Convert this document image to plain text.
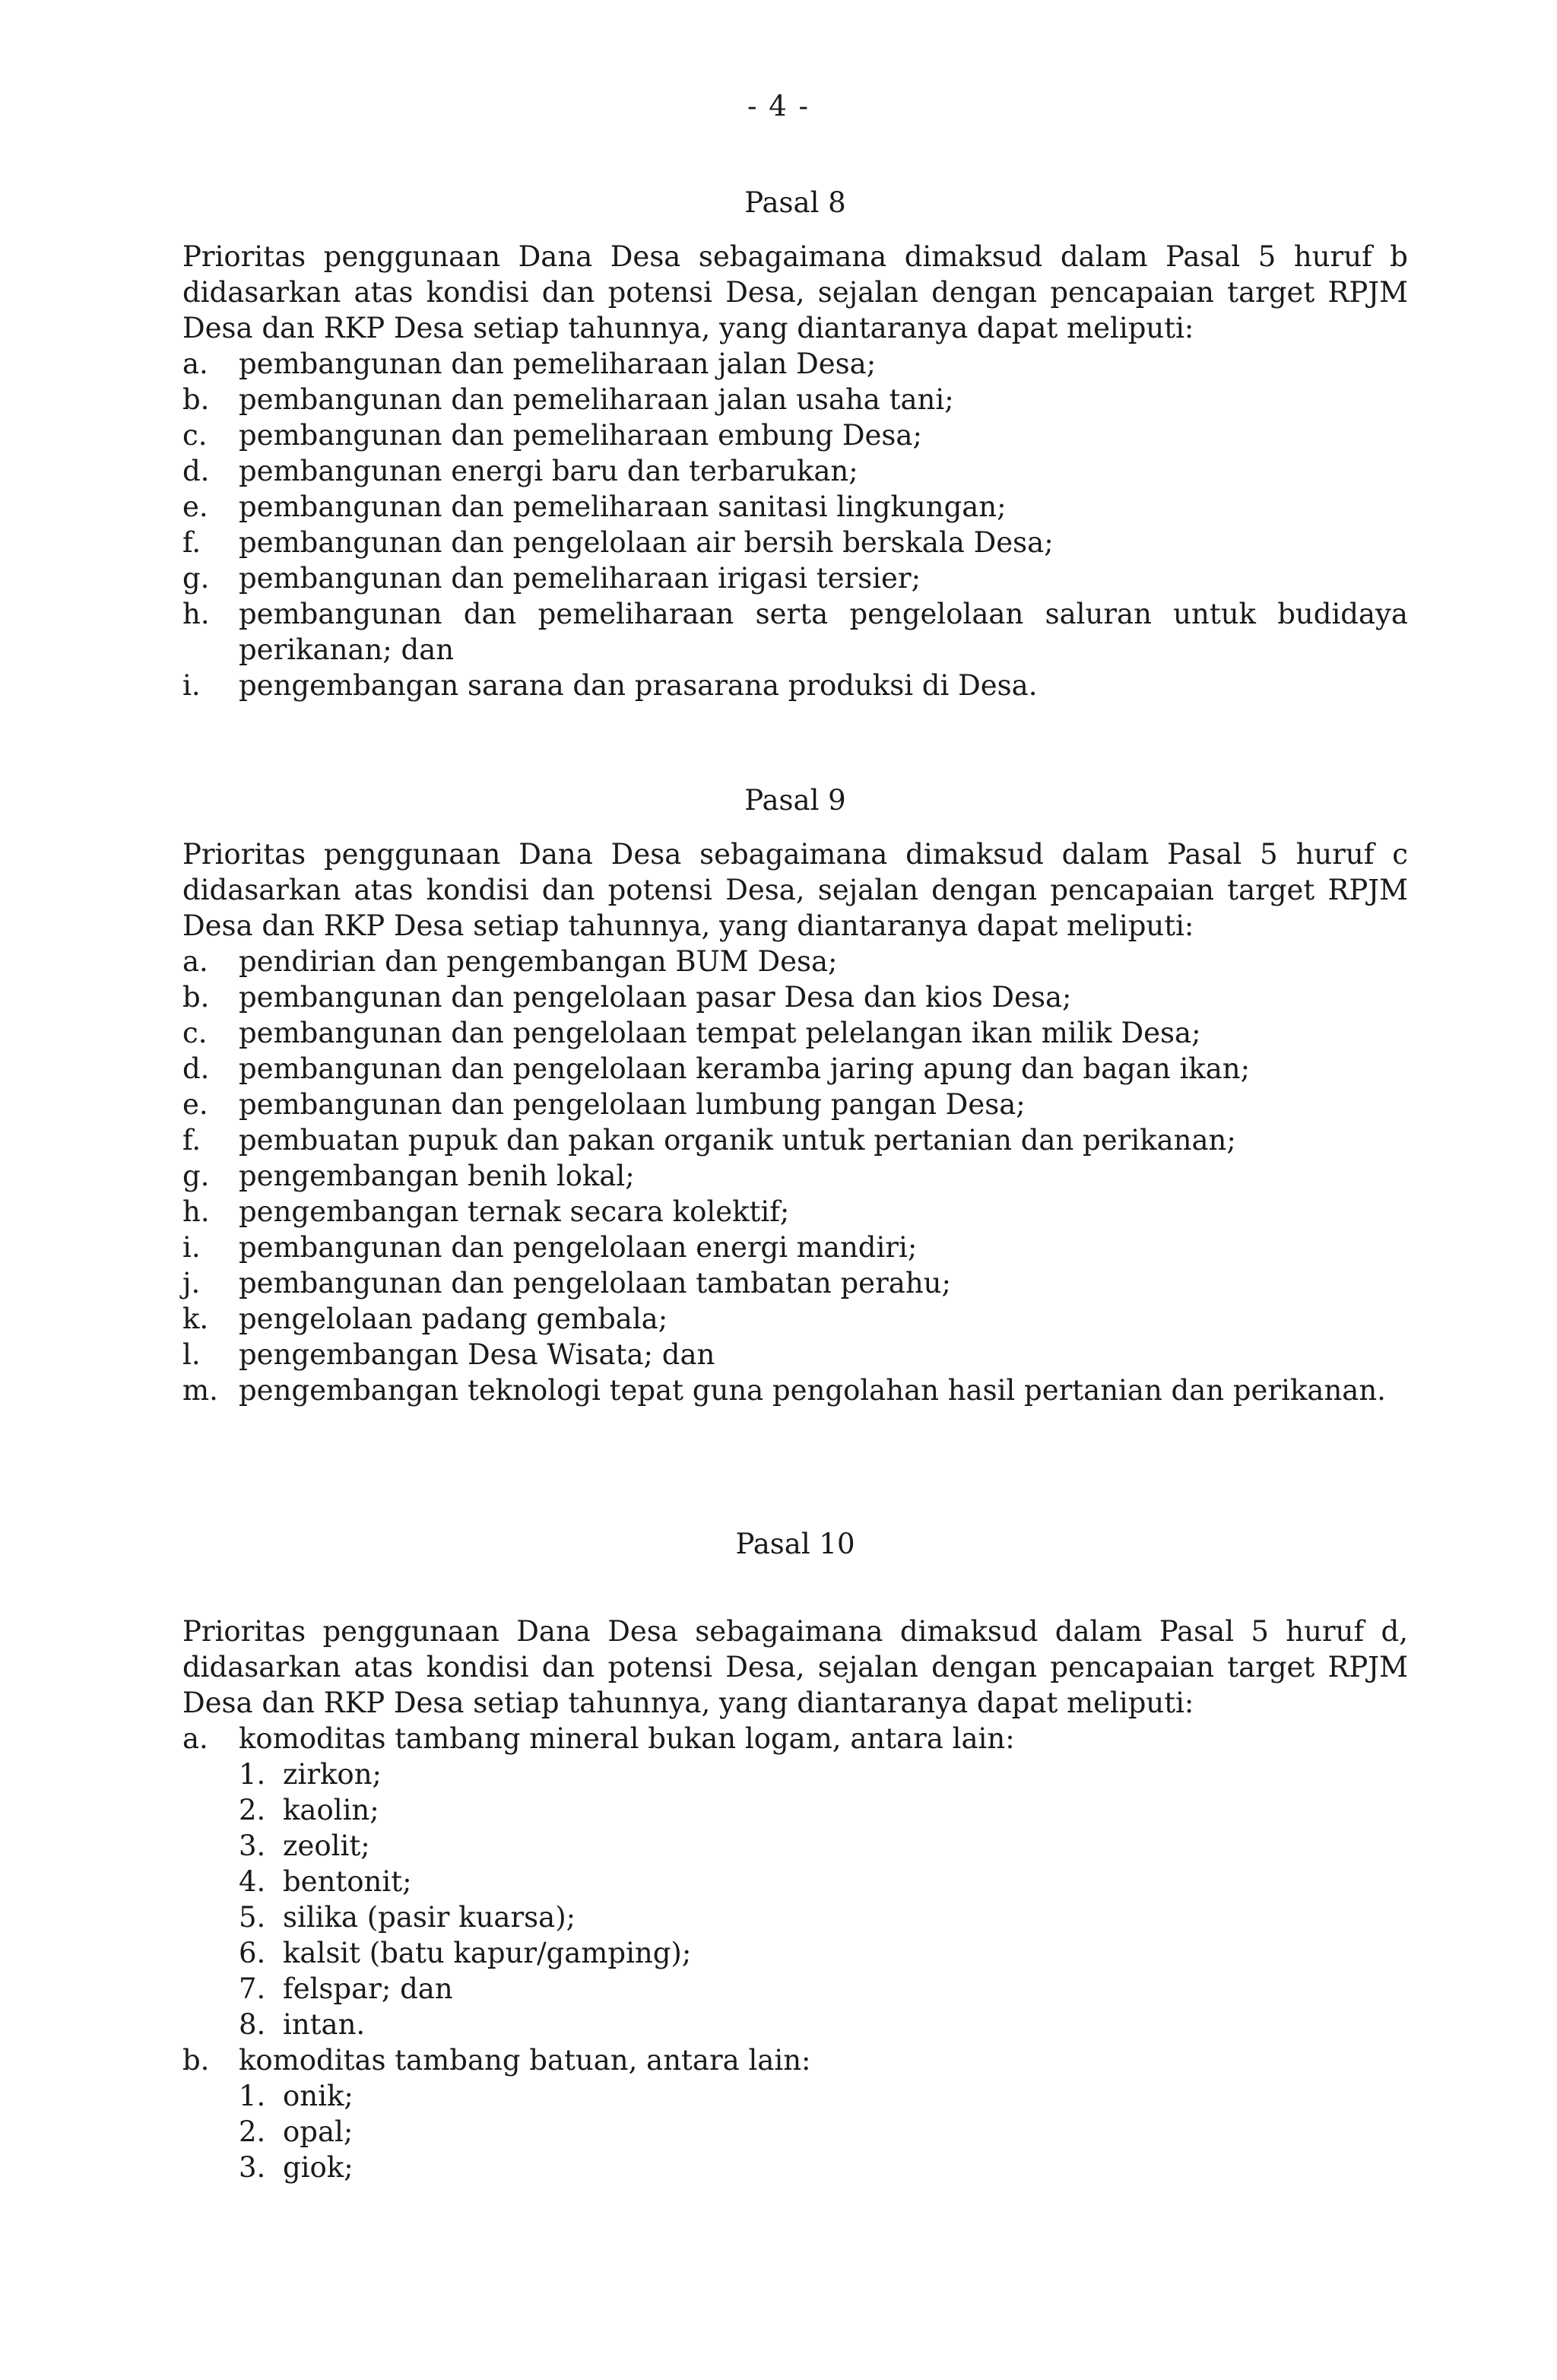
- 4 -
Pasal 8

Prioritas penggunaan Dana Desa sebagaimana dimaksud dalam Pasal 5 huruf b didasarkan atas kondisi dan potensi Desa, sejalan dengan pencapaian target RPJM Desa dan RKP Desa setiap tahunnya, yang diantaranya dapat meliputi:

a.	pembangunan dan pemeliharaan jalan Desa;
b.	pembangunan dan pemeliharaan jalan usaha tani;
c.	pembangunan dan pemeliharaan embung Desa;
d.	pembangunan energi baru dan terbarukan;
e.	pembangunan dan pemeliharaan sanitasi lingkungan;
f.	pembangunan dan pengelolaan air bersih berskala Desa;
g.	pembangunan dan pemeliharaan irigasi tersier;
h.	pembangunan dan pemeliharaan serta pengelolaan saluran untuk budidaya perikanan; dan
i.	pengembangan sarana dan prasarana produksi di Desa.
Pasal 9

Prioritas penggunaan Dana Desa sebagaimana dimaksud dalam Pasal 5 huruf c didasarkan atas kondisi dan potensi Desa, sejalan dengan pencapaian target RPJM Desa dan RKP Desa setiap tahunnya, yang diantaranya dapat meliputi:

a.	pendirian dan pengembangan BUM Desa;
b.	pembangunan dan pengelolaan pasar Desa dan kios Desa;
c.	pembangunan dan pengelolaan tempat pelelangan ikan milik Desa;
d.	pembangunan dan pengelolaan keramba jaring apung dan bagan ikan;
e.	pembangunan dan pengelolaan lumbung pangan Desa;
f.	pembuatan pupuk dan pakan organik untuk pertanian dan perikanan;
g.	pengembangan benih lokal;
h.	pengembangan ternak secara kolektif;
i.	pembangunan dan pengelolaan energi mandiri;
j.	pembangunan dan pengelolaan tambatan perahu;
k.	pengelolaan padang gembala;
l.	pengembangan Desa Wisata; dan
m. pengembangan teknologi tepat guna pengolahan hasil pertanian dan perikanan.
Pasal 10

Prioritas penggunaan Dana Desa sebagaimana dimaksud dalam Pasal 5 huruf d, didasarkan atas kondisi dan potensi Desa, sejalan dengan pencapaian target RPJM Desa dan RKP Desa setiap tahunnya, yang diantaranya dapat meliputi:

a.	komoditas tambang mineral bukan logam, antara lain:
1. zirkon;
2. kaolin;
3. zeolit;
4. bentonit;
5. silika (pasir kuarsa);
6. kalsit (batu kapur/gamping);
7. felspar; dan
8. intan.
b.	komoditas tambang batuan, antara lain:
1. onik;
2. opal;
3. giok;
